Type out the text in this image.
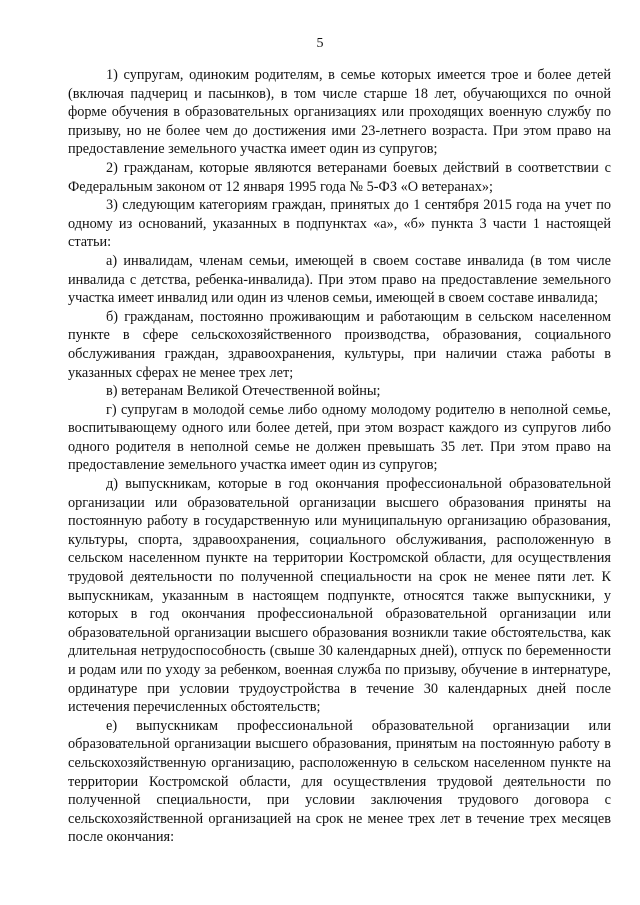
5

1) супругам, одиноким родителям, в семье которых имеется трое и более детей (включая падчериц и пасынков), в том числе старше 18 лет, обучающихся по очной форме обучения в образовательных организациях или проходящих военную службу по призыву, но не более чем до достижения ими 23-летнего возраста. При этом право на предоставление земельного участка имеет один из супругов;

2) гражданам, которые являются ветеранами боевых действий в соответствии с Федеральным законом от 12 января 1995 года № 5-ФЗ «О ветеранах»;

3) следующим категориям граждан, принятых до 1 сентября 2015 года на учет по одному из оснований, указанных в подпунктах «а», «б» пункта 3 части 1 настоящей статьи:

а) инвалидам, членам семьи, имеющей в своем составе инвалида (в том числе инвалида с детства, ребенка-инвалида). При этом право на предоставление земельного участка имеет инвалид или один из членов семьи, имеющей в своем составе инвалида;

б) гражданам, постоянно проживающим и работающим в сельском населенном пункте в сфере сельскохозяйственного производства, образования, социального обслуживания граждан, здравоохранения, культуры, при наличии стажа работы в указанных сферах не менее трех лет;

в) ветеранам Великой Отечественной войны;

г) супругам в молодой семье либо одному молодому родителю в неполной семье, воспитывающему одного или более детей, при этом возраст каждого из супругов либо одного родителя в неполной семье не должен превышать 35 лет. При этом право на предоставление земельного участка имеет один из супругов;

д) выпускникам, которые в год окончания профессиональной образовательной организации или образовательной организации высшего образования приняты на постоянную работу в государственную или муниципальную организацию образования, культуры, спорта, здравоохранения, социального обслуживания, расположенную в сельском населенном пункте на территории Костромской области, для осуществления трудовой деятельности по полученной специальности на срок не менее пяти лет. К выпускникам, указанным в настоящем подпункте, относятся также выпускники, у которых в год окончания профессиональной образовательной организации или образовательной организации высшего образования возникли такие обстоятельства, как длительная нетрудоспособность (свыше 30 календарных дней), отпуск по беременности и родам или по уходу за ребенком, военная служба по призыву, обучение в интернатуре, ординатуре при условии трудоустройства в течение 30 календарных дней после истечения перечисленных обстоятельств;

е) выпускникам профессиональной образовательной организации или образовательной организации высшего образования, принятым на постоянную работу в сельскохозяйственную организацию, расположенную в сельском населенном пункте на территории Костромской области, для осуществления трудовой деятельности по полученной специальности, при условии заключения трудового договора с сельскохозяйственной организацией на срок не менее трех лет в течение трех месяцев после окончания:
